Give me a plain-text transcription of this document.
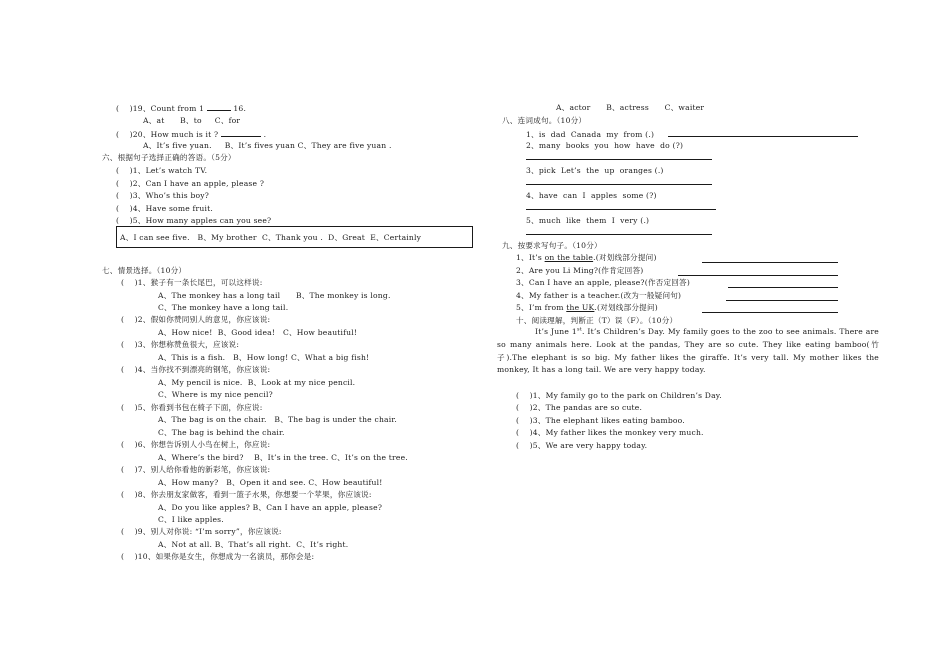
(    )19、Count from 1	16.
A、at      B、to     C、for
(    )20、How much is it ?	.
A、It’s five yuan.     B、It’s fives yuan C、They are five yuan .
六、根据句子选择正确的答语。（5分）
(    )1、Let’s watch TV.
(    )2、Can I have an apple, please ?
(    )3、Who’s this boy?
(    )4、Have some fruit.
(    )5、How many apples can you see?
A、I can see five.   B、My brother  C、Thank you .  D、Great  E、Certainly
七、情景选择。（10分）
(    )1、猴子有一条长尾巴，可以这样说:
A、The monkey has a long tail      B、The monkey is long.
C、The monkey have a long tail.
(    )2、假如你赞同别人的意见，你应该说:
A、How nice!  B、Good idea!   C、How beautiful!
(    )3、你想称赞鱼很大，应该说:
A、This is a fish.   B、How long! C、What a big fish!
(    )4、当你找不到漂亮的钢笔，你应该说:
A、My pencil is nice.  B、Look at my nice pencil.
C、Where is my nice pencil?
(    )5、你看到书包在椅子下面，你应说:
A、The bag is on the chair.   B、The bag is under the chair.
C、The bag is behind the chair.
(    )6、你想告诉别人小鸟在树上，你应说:
A、Where’s the bird?    B、It’s in the tree. C、It’s on the tree.
(    )7、别人给你看他的新彩笔，你应该说:
A、How many?   B、Open it and see. C、How beautiful!
(    )8、你去朋友家做客，看到一篮子水果，你想要一个苹果，你应该说:
A、Do you like apples? B、Can I have an apple, please?
C、I like apples.
(    )9、别人对你说: “I’m sorry”，你应该说:
A、Not at all. B、That’s all right.  C、It’s right.
(    )10、如果你是女生，你想成为一名演员，那你会是:
A、actor      B、actress      C、waiter
八、连词成句。（10分）
1、is  dad  Canada  my  from (.)
2、many  books  you  how  have  do (?)
3、pick  Let’s  the  up  oranges (.)
4、have  can  I  apples  some (?)
5、much  like  them  I  very (.)
九、按要求写句子。（10分）
1、It’s on the table.(对划线部分提问)
2、Are you Li Ming?(作肯定回答)
3、Can I have an apple, please?(作否定回答)
4、My father is a teacher.(改为一般疑问句)
5、I’m from the UK.(对划线部分提问)
十、阅读理解，判断正（T）误（F）。（10分）
It’s June 1st. It’s Children’s Day. My family goes to the zoo to see animals. There are so many animals here. Look at the pandas, They are so cute. They like eating bamboo(竹子).The elephant is so big. My father likes the giraffe. It’s very tall. My mother likes the monkey, It has a long tail. We are very happy today.
(    )1、My family go to the park on Children’s Day.
(    )2、The pandas are so cute.
(    )3、The elephant likes eating bamboo.
(    )4、My father likes the monkey very much.
(    )5、We are very happy today.
